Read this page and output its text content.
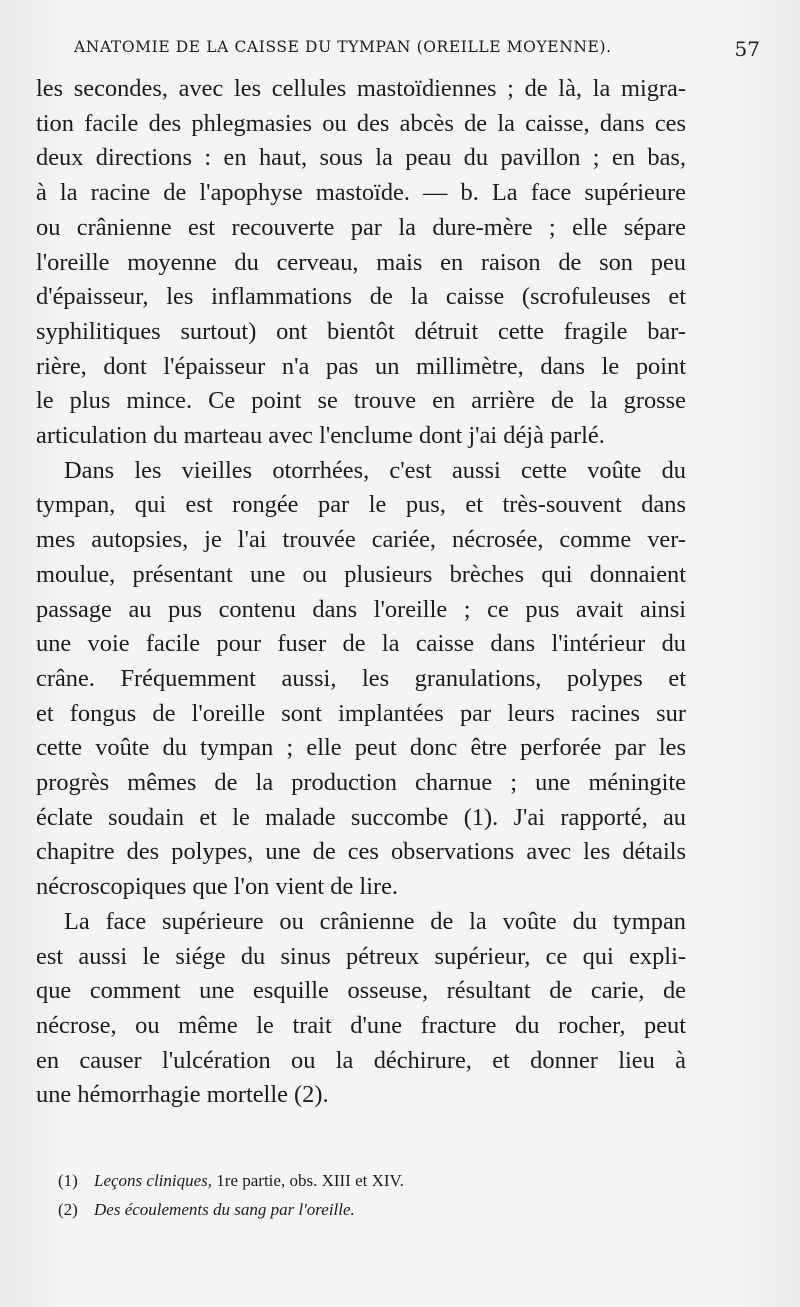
ANATOMIE DE LA CAISSE DU TYMPAN (OREILLE MOYENNE).	57
les secondes, avec les cellules mastoïdiennes ; de là, la migra-
tion facile des phlegmasies ou des abcès de la caisse, dans ces
deux directions : en haut, sous la peau du pavillon ; en bas,
à la racine de l'apophyse mastoïde. — b. La face supérieure
ou crânienne est recouverte par la dure-mère ; elle sépare
l'oreille moyenne du cerveau, mais en raison de son peu
d'épaisseur, les inflammations de la caisse (scrofuleuses et
syphilitiques surtout) ont bientôt détruit cette fragile bar-
rière, dont l'épaisseur n'a pas un millimètre, dans le point
le plus mince. Ce point se trouve en arrière de la grosse
articulation du marteau avec l'enclume dont j'ai déjà parlé.
Dans les vieilles otorrhées, c'est aussi cette voûte du
tympan, qui est rongée par le pus, et très-souvent dans
mes autopsies, je l'ai trouvée cariée, nécrosée, comme ver-
moulue, présentant une ou plusieurs brèches qui donnaient
passage au pus contenu dans l'oreille ; ce pus avait ainsi
une voie facile pour fuser de la caisse dans l'intérieur du
crâne. Fréquemment aussi, les granulations, polypes et
et fongus de l'oreille sont implantées par leurs racines sur
cette voûte du tympan ; elle peut donc être perforée par les
progrès mêmes de la production charnue ; une méningite
éclate soudain et le malade succombe (1). J'ai rapporté, au
chapitre des polypes, une de ces observations avec les détails
nécroscopiques que l'on vient de lire.
La face supérieure ou crânienne de la voûte du tympan
est aussi le siége du sinus pétreux supérieur, ce qui expli-
que comment une esquille osseuse, résultant de carie, de
nécrose, ou même le trait d'une fracture du rocher, peut
en causer l'ulcération ou la déchirure, et donner lieu à
une hémorrhagie mortelle (2).
(1) Leçons cliniques, 1re partie, obs. XIII et XIV.
(2) Des écoulements du sang par l'oreille.
